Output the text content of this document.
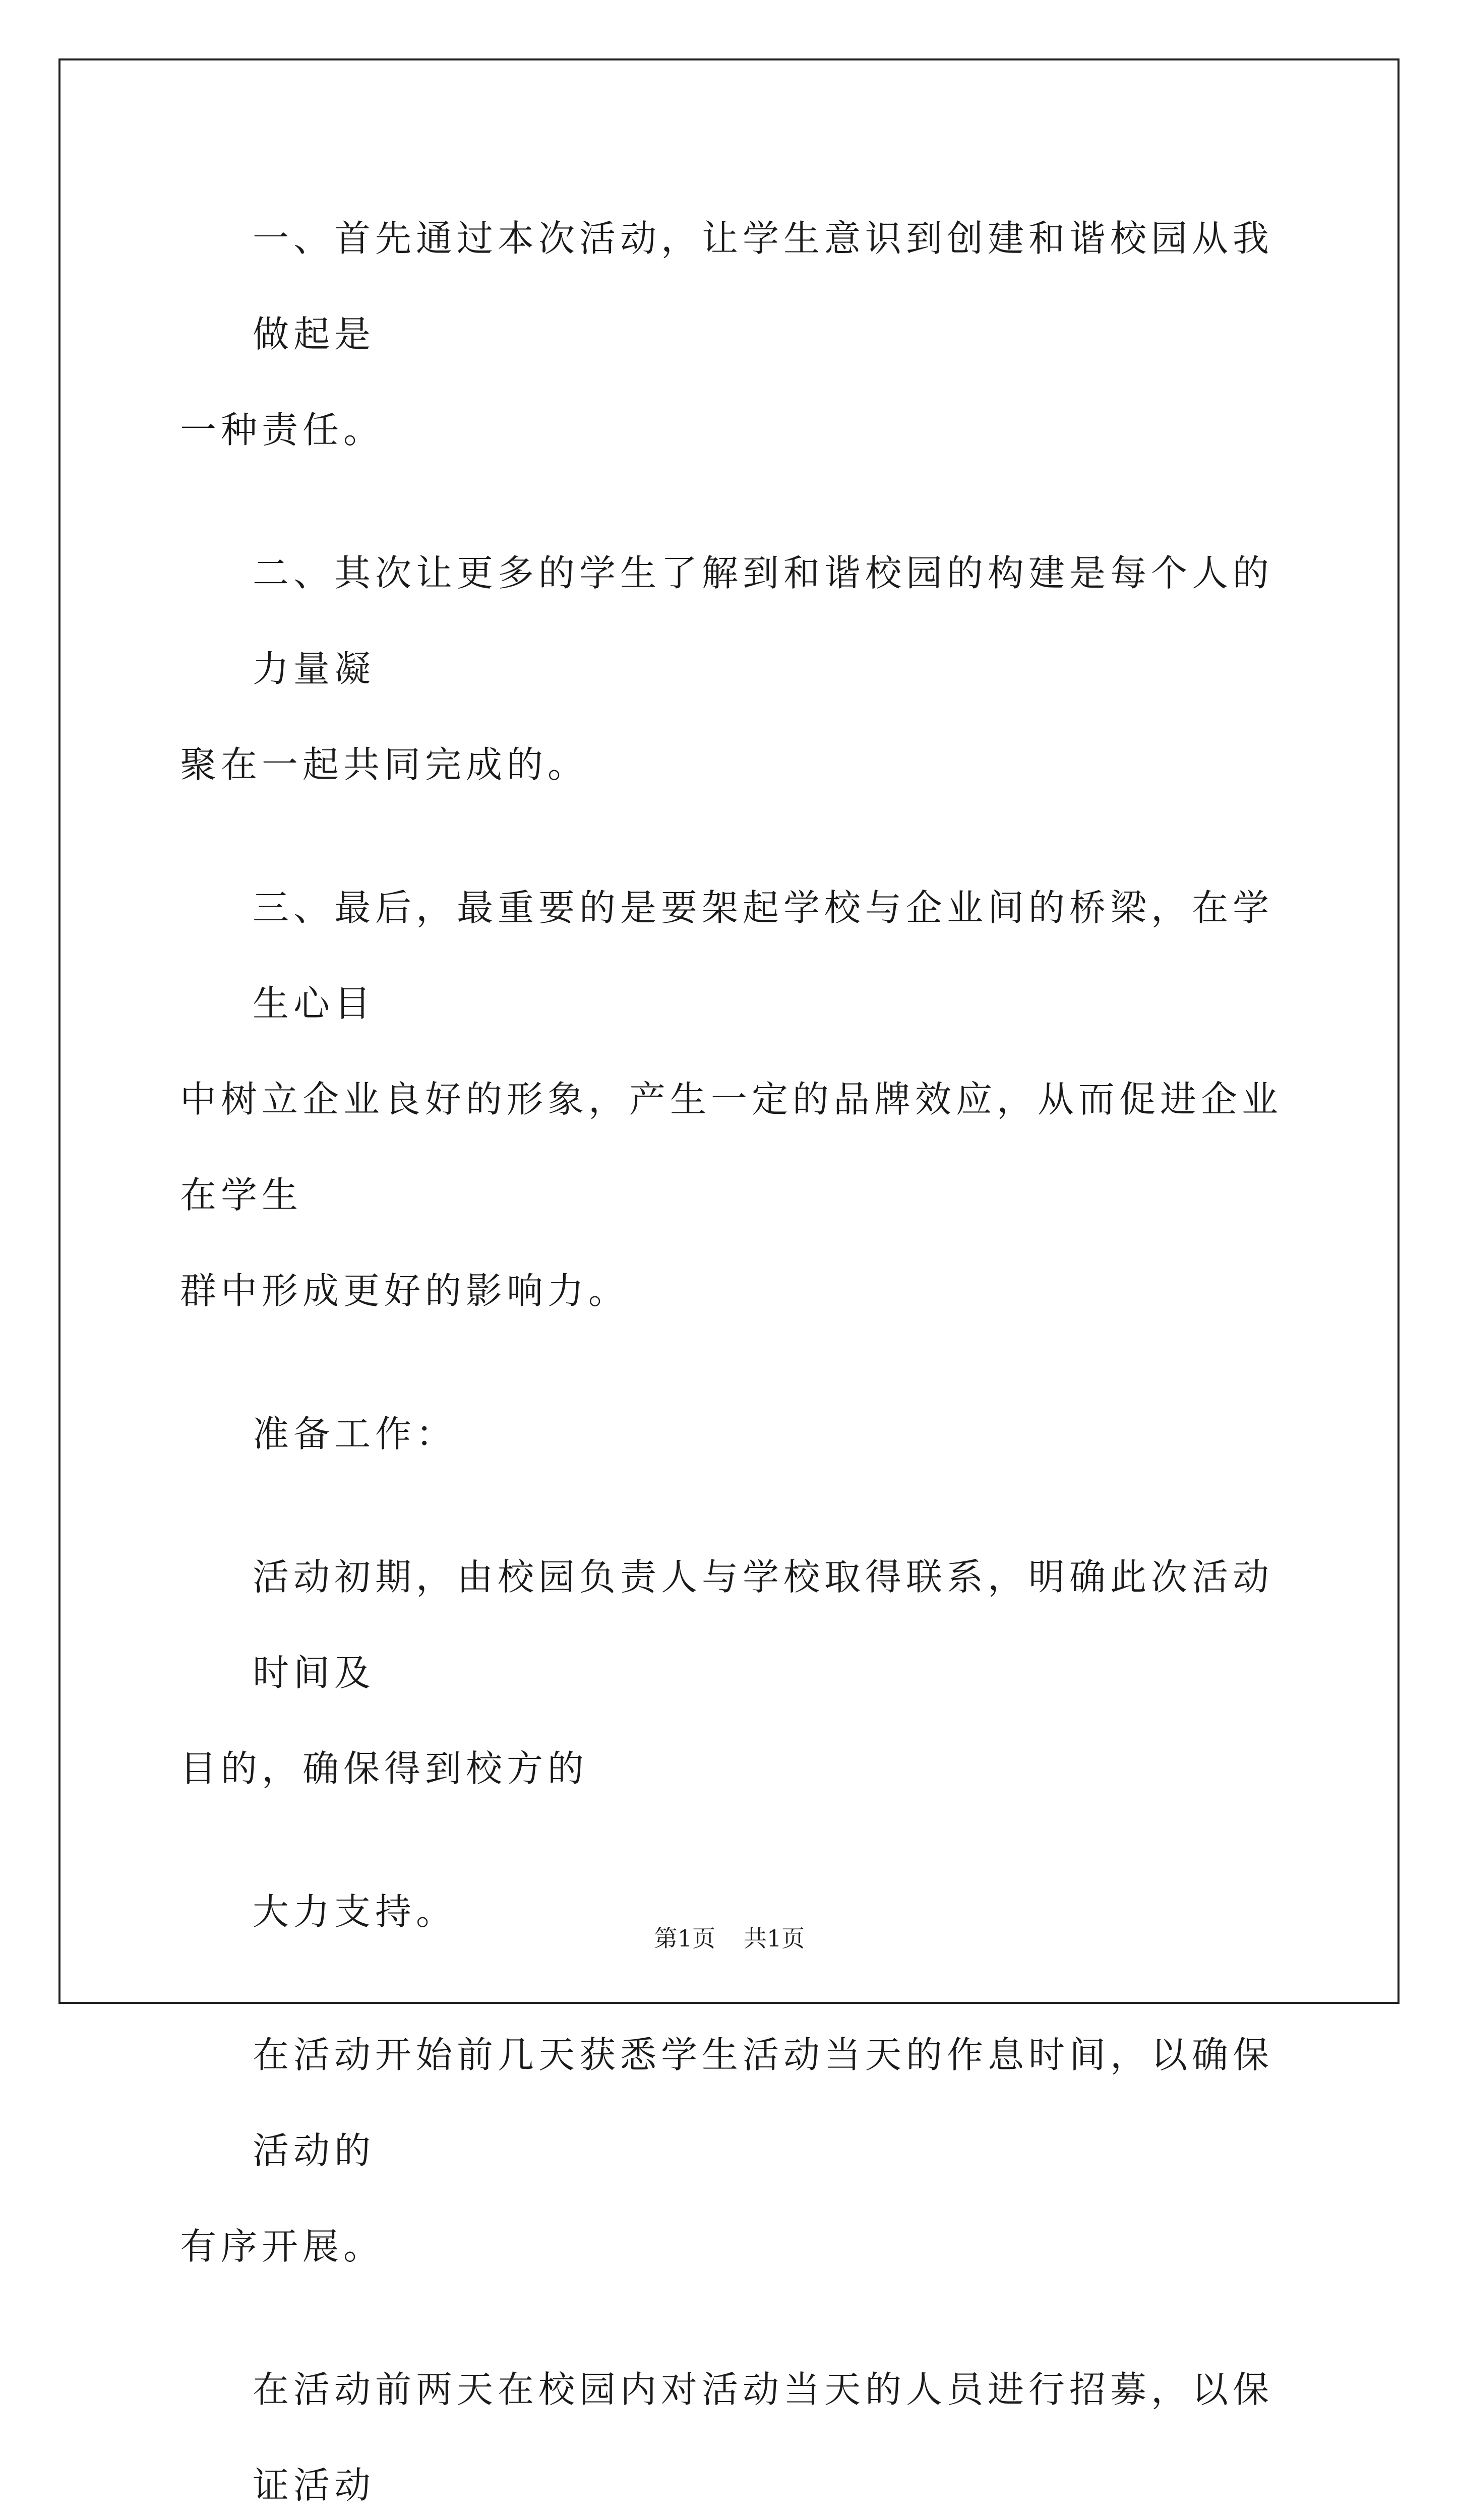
一、首先通过本次活动，让学生意识到创建和谐校园从我做起是
一种责任。
二、其次让更多的学生了解到和谐校园的构建是每个人的力量凝
聚在一起共同完成的。
三、最后，最重要的是要架起学校与企业间的桥梁，在学生心目
中树立企业良好的形象，产生一定的品牌效应，从而促进企业在学生
群中形成更好的影响力。
准备工作：
活动初期，由校园负责人与学校取得联系，明确此次活动时间及
目的，确保得到校方的
大力支持。
在活动开始前几天获悉学生活动当天的作息时间，以确保活动的
有序开展。
在活动前两天在校园内对活动当天的人员进行招募，以保证活动
第1页 共1页
